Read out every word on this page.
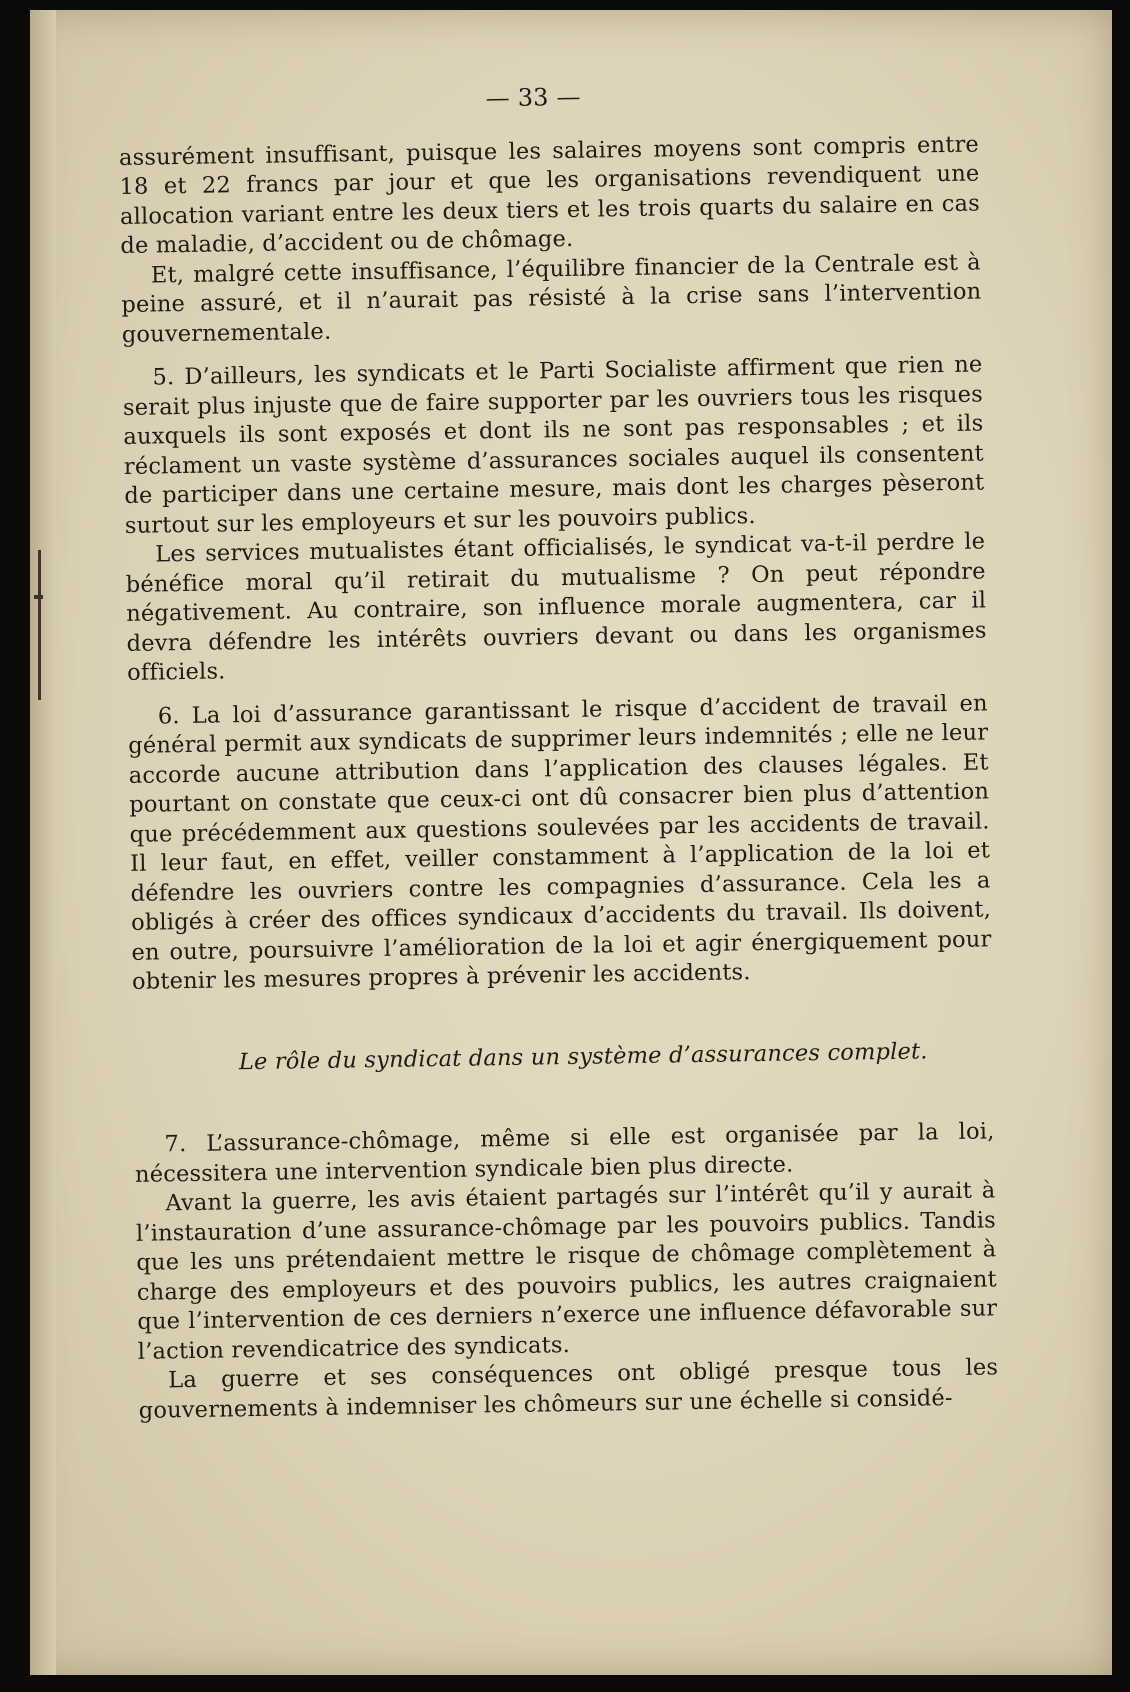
— 33 —

assurément insuffisant, puisque les salaires moyens sont compris entre 18 et 22 francs par jour et que les organisations revendiquent une allocation variant entre les deux tiers et les trois quarts du salaire en cas de maladie, d’accident ou de chômage.

Et, malgré cette insuffisance, l’équilibre financier de la Centrale est à peine assuré, et il n’aurait pas résisté à la crise sans l’intervention gouvernementale.

5. D’ailleurs, les syndicats et le Parti Socialiste affirment que rien ne serait plus injuste que de faire supporter par les ouvriers tous les risques auxquels ils sont exposés et dont ils ne sont pas responsables ; et ils réclament un vaste système d’assurances sociales auquel ils consentent de participer dans une certaine mesure, mais dont les charges pèseront surtout sur les employeurs et sur les pouvoirs publics.

Les services mutualistes étant officialisés, le syndicat va-t-il perdre le bénéfice moral qu’il retirait du mutualisme ? On peut répondre négativement. Au contraire, son influence morale augmentera, car il devra défendre les intérêts ouvriers devant ou dans les organismes officiels.

6. La loi d’assurance garantissant le risque d’accident de travail en général permit aux syndicats de supprimer leurs indemnités ; elle ne leur accorde aucune attribution dans l’application des clauses légales. Et pourtant on constate que ceux-ci ont dû consacrer bien plus d’attention que précédemment aux questions soulevées par les accidents de travail. Il leur faut, en effet, veiller constamment à l’application de la loi et défendre les ouvriers contre les compagnies d’assurance. Cela les a obligés à créer des offices syndicaux d’accidents du travail. Ils doivent, en outre, poursuivre l’amélioration de la loi et agir énergiquement pour obtenir les mesures propres à prévenir les accidents.

Le rôle du syndicat dans un système d’assurances complet.

7. L’assurance-chômage, même si elle est organisée par la loi, nécessitera une intervention syndicale bien plus directe.

Avant la guerre, les avis étaient partagés sur l’intérêt qu’il y aurait à l’instauration d’une assurance-chômage par les pouvoirs publics. Tandis que les uns prétendaient mettre le risque de chômage complètement à charge des employeurs et des pouvoirs publics, les autres craignaient que l’intervention de ces derniers n’exerce une influence défavorable sur l’action revendicatrice des syndicats.

La guerre et ses conséquences ont obligé presque tous les gouvernements à indemniser les chômeurs sur une échelle si considé-
